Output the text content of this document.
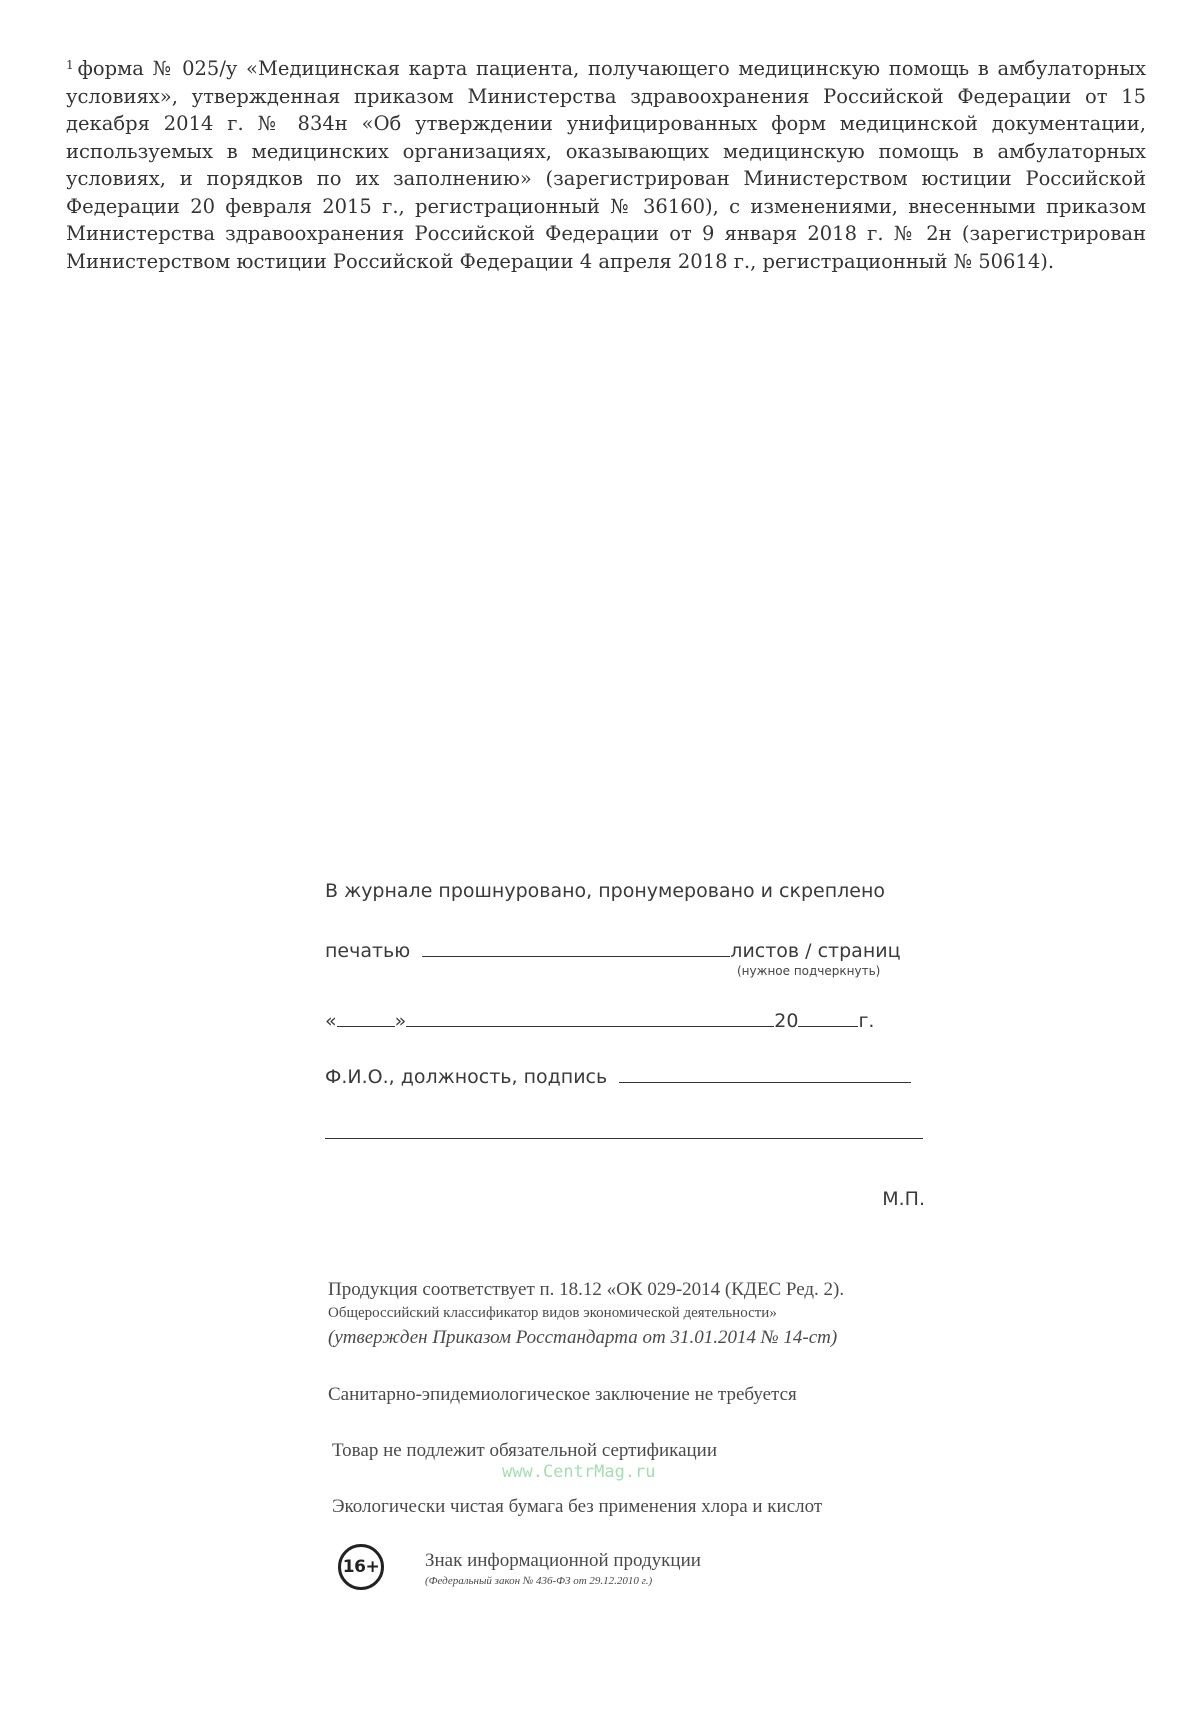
$^1$ форма № 025/у «Медицинская карта пациента, получающего медицинскую помощь в амбулаторных условиях», утвержденная приказом Министерства здравоохранения Российской Федерации от 15 декабря 2014 г. № 834н «Об утверждении унифицированных форм медицинской документации, используемых в медицинских организациях, оказывающих медицинскую помощь в амбулаторных условиях, и порядков по их заполнению» (зарегистрирован Министерством юстиции Российской Федерации 20 февраля 2015 г., регистрационный № 36160), с изменениями, внесенными приказом Министерства здравоохранения Российской Федерации от 9 января 2018 г. № 2н (зарегистрирован Министерством юстиции Российской Федерации 4 апреля 2018 г., регистрационный № 50614).
В журнале прошнуровано, пронумеровано и скреплено
печатью	листов / страниц
(нужное подчеркнуть)
«	»	20	г.
Ф.И.О., должность, подпись
М.П.
Продукция соответствует п. 18.12 «ОК 029-2014 (КДЕС Ред. 2).
Общероссийский классификатор видов экономической деятельности»
(утвержден Приказом Росстандарта от 31.01.2014 № 14-ст)
Санитарно-эпидемиологическое заключение не требуется
Товар не подлежит обязательной сертификации
www.CentrMag.ru
Экологически чистая бумага без применения хлора и кислот
16+ Знак информационной продукции
(Федеральный закон № 436-ФЗ от 29.12.2010 г.)
